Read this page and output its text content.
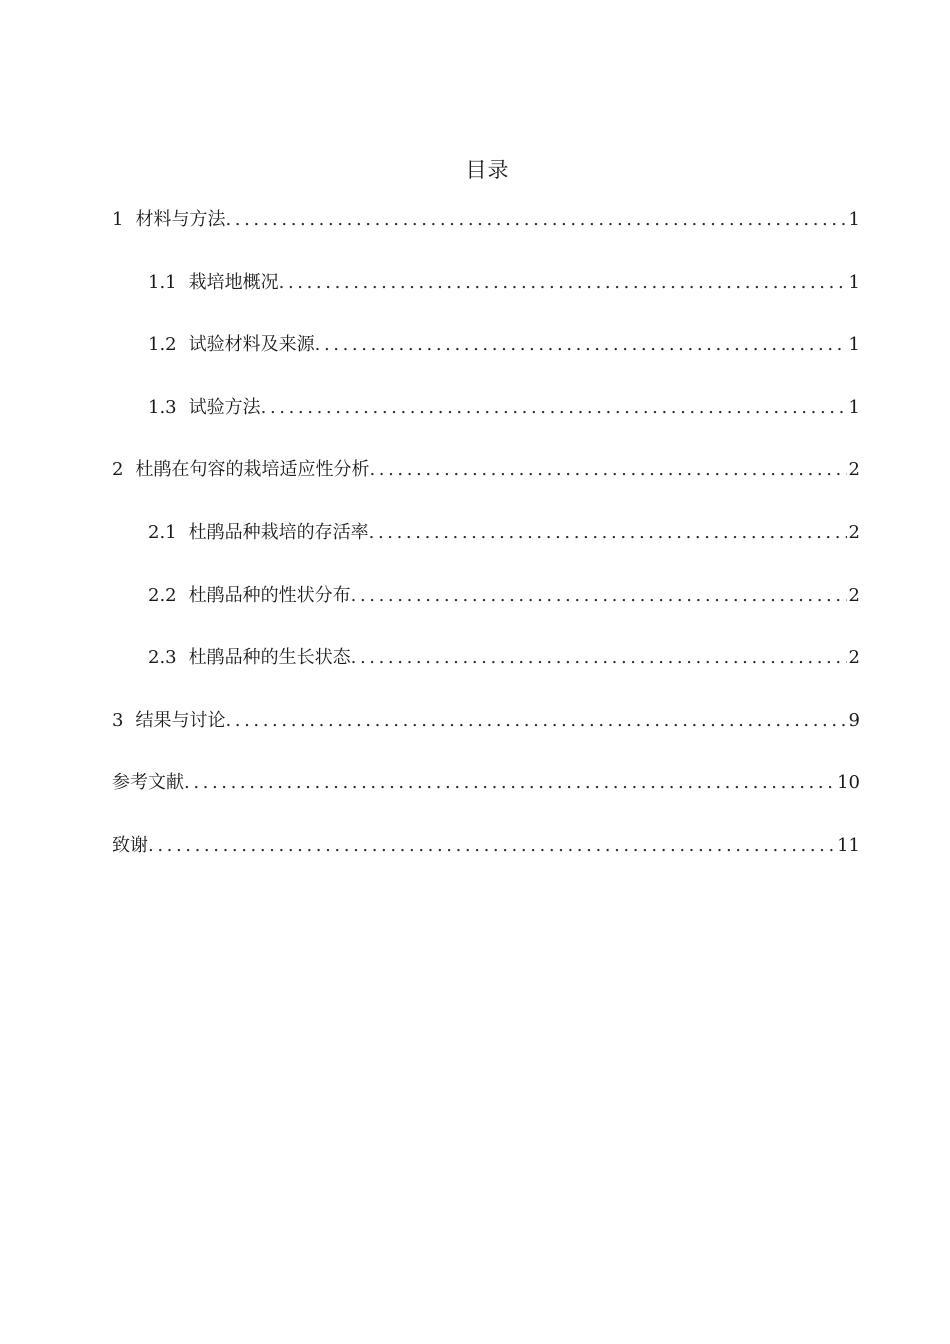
目录
1 材料与方法 .....	1
1.1 栽培地概况 .....	1
1.2 试验材料及来源 .....	1
1.3 试验方法 .....	1
2 杜鹃在句容的栽培适应性分析 .....	2
2.1 杜鹃品种栽培的存活率 .....	2
2.2 杜鹃品种的性状分布 .....	2
2.3 杜鹃品种的生长状态 .....	2
3 结果与讨论 .....	9
参考文献 .....	10
致谢 .....	11
